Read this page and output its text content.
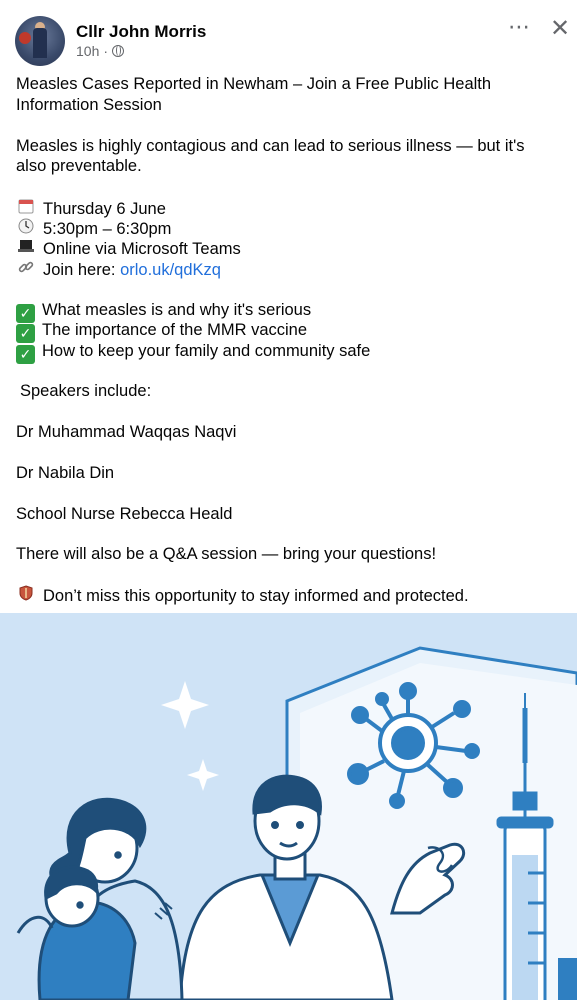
Cllr John Morris
10h ·
⋯ ✕
Measles Cases Reported in Newham – Join a Free Public Health
Information Session
Measles is highly contagious and can lead to serious illness — but it's
also preventable.
Thursday 6 June
5:30pm – 6:30pm
Online via Microsoft Teams
Join here: orlo.uk/qdKzq
✓ What measles is and why it's serious
✓ The importance of the MMR vaccine
✓ How to keep your family and community safe
Speakers include:
Dr Muhammad Waqqas Naqvi
Dr Nabila Din
School Nurse Rebecca Heald
There will also be a Q&A session — bring your questions!
Don’t miss this opportunity to stay informed and protected.
